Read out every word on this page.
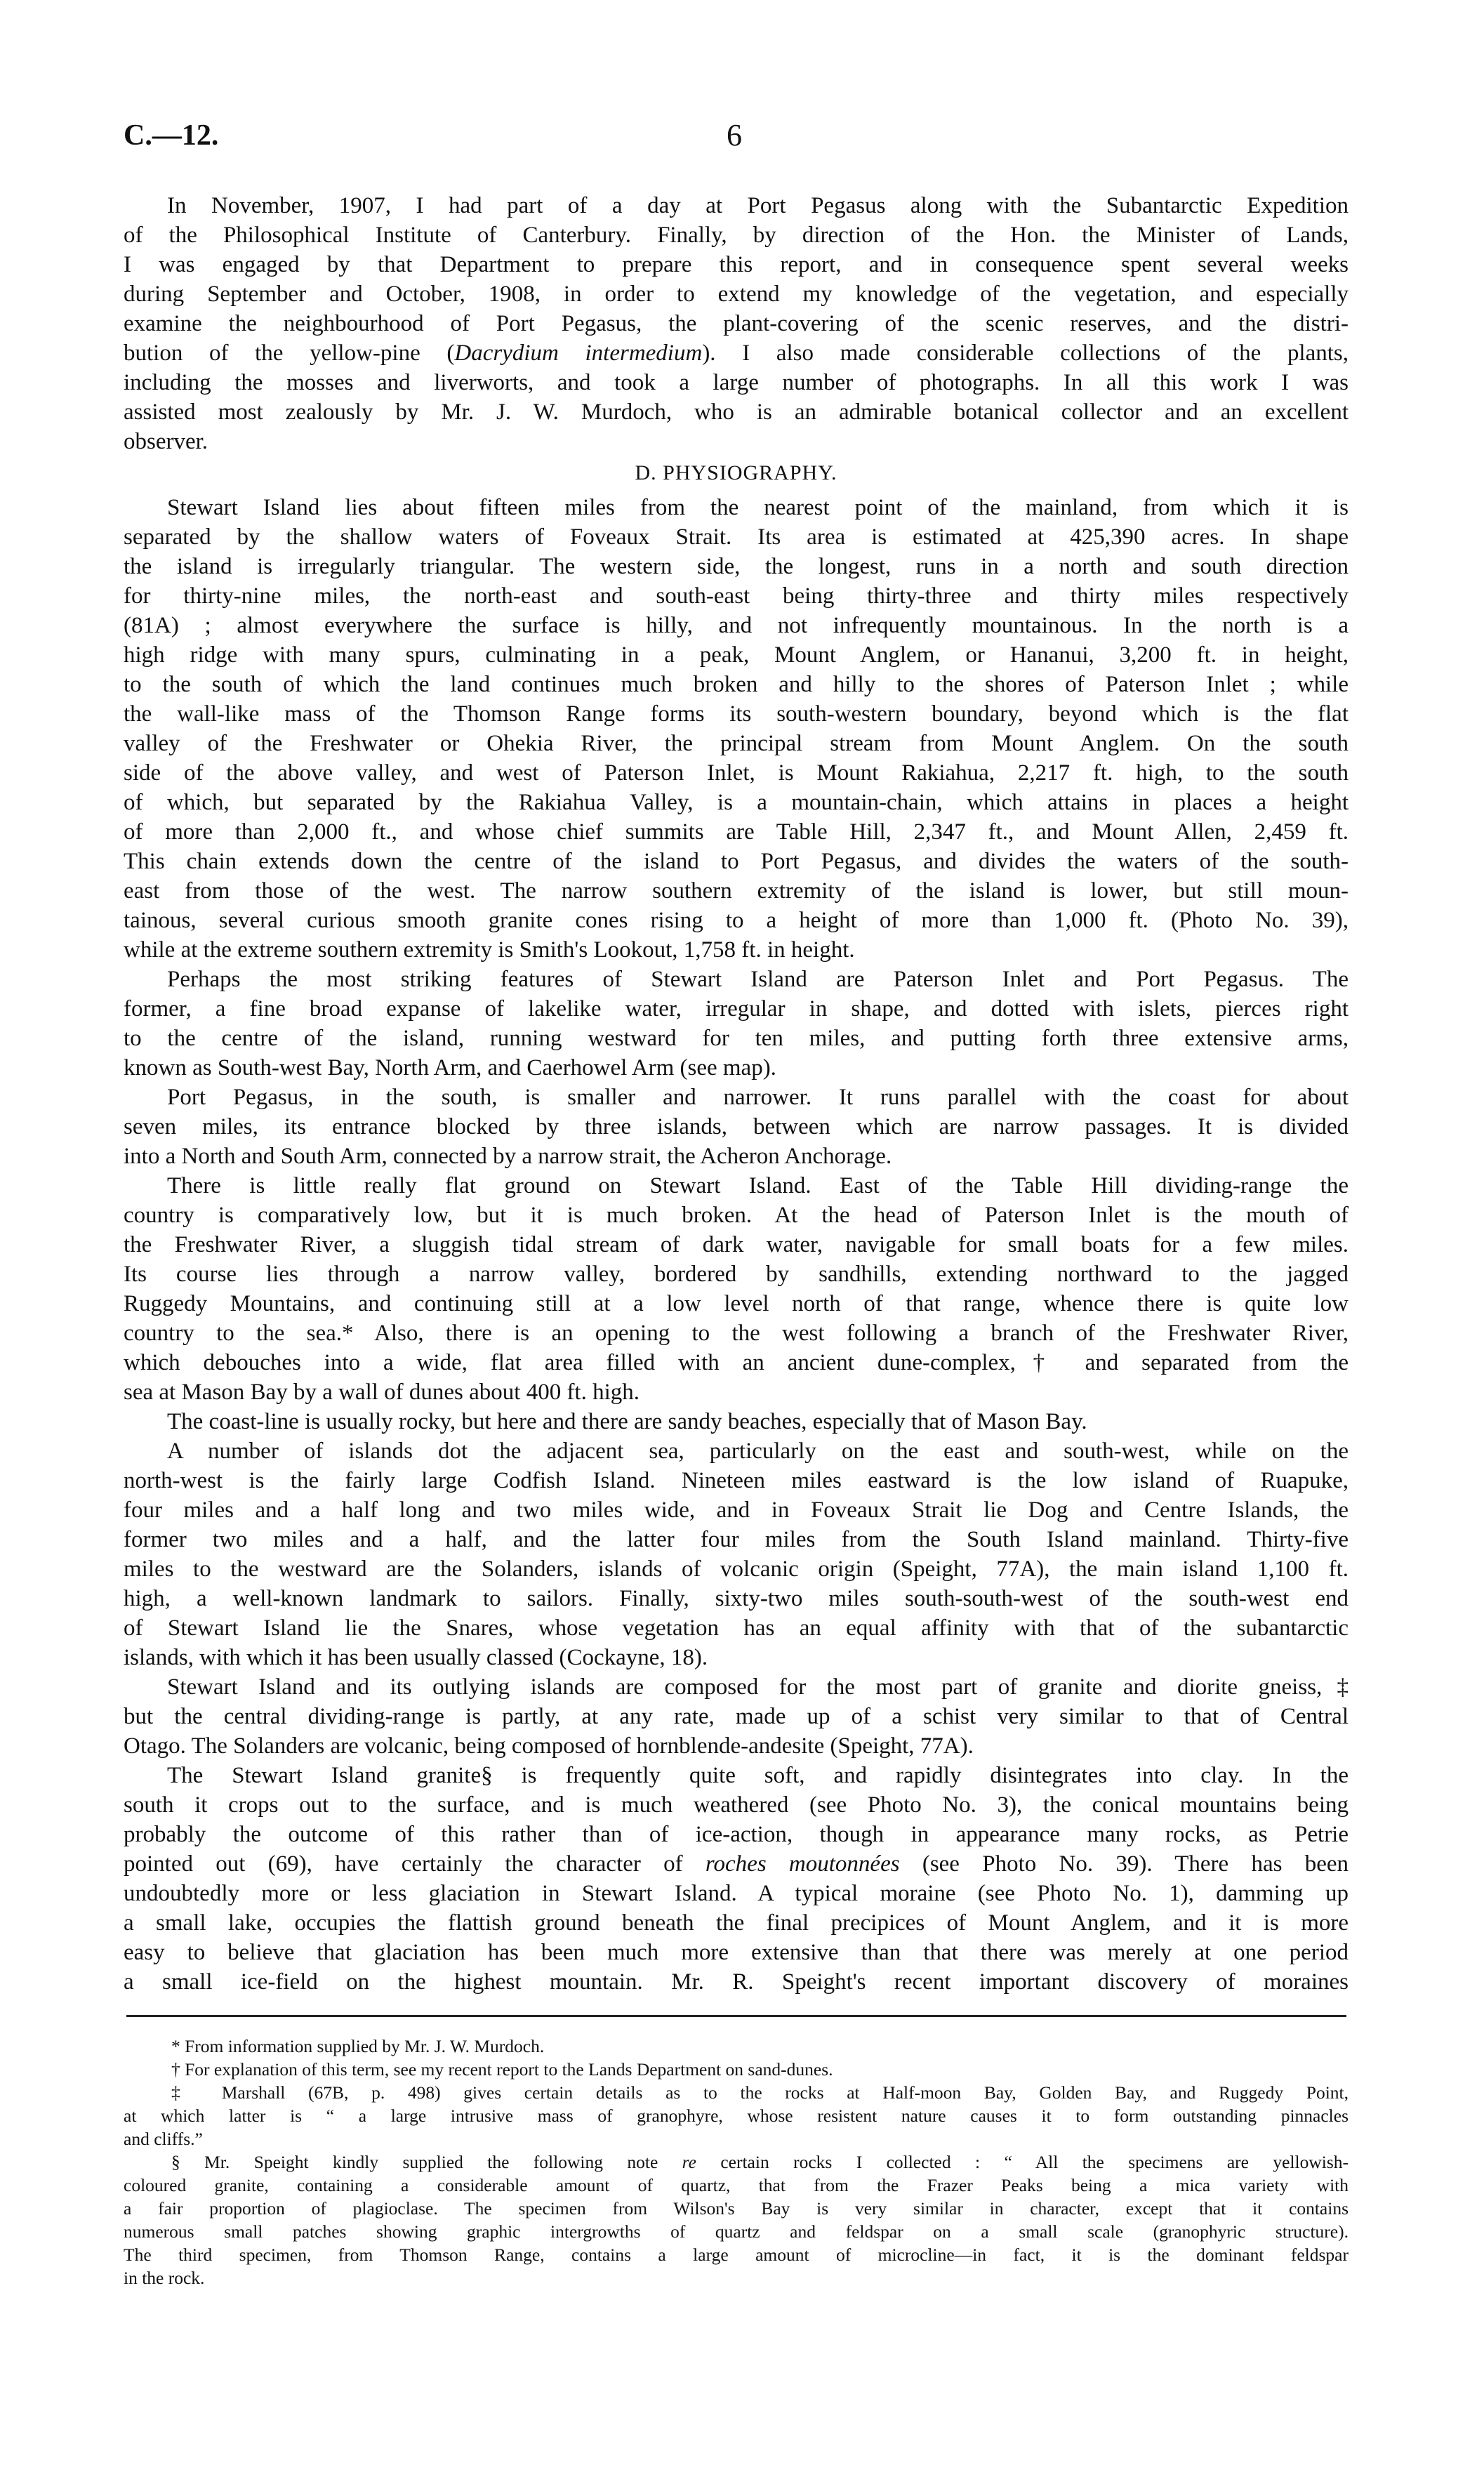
C.—12.	6
In November, 1907, I had part of a day at Port Pegasus along with the Subantarctic Expedition
of the Philosophical Institute of Canterbury. Finally, by direction of the Hon. the Minister of Lands,
I was engaged by that Department to prepare this report, and in consequence spent several weeks
during September and October, 1908, in order to extend my knowledge of the vegetation, and especially
examine the neighbourhood of Port Pegasus, the plant-covering of the scenic reserves, and the distri-
bution of the yellow-pine (Dacrydium intermedium). I also made considerable collections of the plants,
including the mosses and liverworts, and took a large number of photographs. In all this work I was
assisted most zealously by Mr. J. W. Murdoch, who is an admirable botanical collector and an excellent
observer.
D. PHYSIOGRAPHY.
Stewart Island lies about fifteen miles from the nearest point of the mainland, from which it is
separated by the shallow waters of Foveaux Strait. Its area is estimated at 425,390 acres. In shape
the island is irregularly triangular. The western side, the longest, runs in a north and south direction
for thirty-nine miles, the north-east and south-east being thirty-three and thirty miles respectively
(81A) ; almost everywhere the surface is hilly, and not infrequently mountainous. In the north is a
high ridge with many spurs, culminating in a peak, Mount Anglem, or Hananui, 3,200 ft. in height,
to the south of which the land continues much broken and hilly to the shores of Paterson Inlet ; while
the wall-like mass of the Thomson Range forms its south-western boundary, beyond which is the flat
valley of the Freshwater or Ohekia River, the principal stream from Mount Anglem. On the south
side of the above valley, and west of Paterson Inlet, is Mount Rakiahua, 2,217 ft. high, to the south
of which, but separated by the Rakiahua Valley, is a mountain-chain, which attains in places a height
of more than 2,000 ft., and whose chief summits are Table Hill, 2,347 ft., and Mount Allen, 2,459 ft.
This chain extends down the centre of the island to Port Pegasus, and divides the waters of the south-
east from those of the west. The narrow southern extremity of the island is lower, but still moun-
tainous, several curious smooth granite cones rising to a height of more than 1,000 ft. (Photo No. 39),
while at the extreme southern extremity is Smith's Lookout, 1,758 ft. in height.
Perhaps the most striking features of Stewart Island are Paterson Inlet and Port Pegasus. The
former, a fine broad expanse of lakelike water, irregular in shape, and dotted with islets, pierces right
to the centre of the island, running westward for ten miles, and putting forth three extensive arms,
known as South-west Bay, North Arm, and Caerhowel Arm (see map).
Port Pegasus, in the south, is smaller and narrower. It runs parallel with the coast for about
seven miles, its entrance blocked by three islands, between which are narrow passages. It is divided
into a North and South Arm, connected by a narrow strait, the Acheron Anchorage.
There is little really flat ground on Stewart Island. East of the Table Hill dividing-range the
country is comparatively low, but it is much broken. At the head of Paterson Inlet is the mouth of
the Freshwater River, a sluggish tidal stream of dark water, navigable for small boats for a few miles.
Its course lies through a narrow valley, bordered by sandhills, extending northward to the jagged
Ruggedy Mountains, and continuing still at a low level north of that range, whence there is quite low
country to the sea.* Also, there is an opening to the west following a branch of the Freshwater River,
which debouches into a wide, flat area filled with an ancient dune-complex,† and separated from the
sea at Mason Bay by a wall of dunes about 400 ft. high.
The coast-line is usually rocky, but here and there are sandy beaches, especially that of Mason Bay.
A number of islands dot the adjacent sea, particularly on the east and south-west, while on the
north-west is the fairly large Codfish Island. Nineteen miles eastward is the low island of Ruapuke,
four miles and a half long and two miles wide, and in Foveaux Strait lie Dog and Centre Islands, the
former two miles and a half, and the latter four miles from the South Island mainland. Thirty-five
miles to the westward are the Solanders, islands of volcanic origin (Speight, 77A), the main island 1,100 ft.
high, a well-known landmark to sailors. Finally, sixty-two miles south-south-west of the south-west end
of Stewart Island lie the Snares, whose vegetation has an equal affinity with that of the subantarctic
islands, with which it has been usually classed (Cockayne, 18).
Stewart Island and its outlying islands are composed for the most part of granite and diorite gneiss,‡
but the central dividing-range is partly, at any rate, made up of a schist very similar to that of Central
Otago. The Solanders are volcanic, being composed of hornblende-andesite (Speight, 77A).
The Stewart Island granite§ is frequently quite soft, and rapidly disintegrates into clay. In the
south it crops out to the surface, and is much weathered (see Photo No. 3), the conical mountains being
probably the outcome of this rather than of ice-action, though in appearance many rocks, as Petrie
pointed out (69), have certainly the character of roches moutonnées (see Photo No. 39). There has been
undoubtedly more or less glaciation in Stewart Island. A typical moraine (see Photo No. 1), damming up
a small lake, occupies the flattish ground beneath the final precipices of Mount Anglem, and it is more
easy to believe that glaciation has been much more extensive than that there was merely at one period
a small ice-field on the highest mountain. Mr. R. Speight's recent important discovery of moraines
* From information supplied by Mr. J. W. Murdoch.
† For explanation of this term, see my recent report to the Lands Department on sand-dunes.
‡ Marshall (67B, p. 498) gives certain details as to the rocks at Half-moon Bay, Golden Bay, and Ruggedy Point,
at which latter is “ a large intrusive mass of granophyre, whose resistent nature causes it to form outstanding pinnacles
and cliffs.”
§ Mr. Speight kindly supplied the following note re certain rocks I collected : “ All the specimens are yellowish-
coloured granite, containing a considerable amount of quartz, that from the Frazer Peaks being a mica variety with
a fair proportion of plagioclase. The specimen from Wilson's Bay is very similar in character, except that it contains
numerous small patches showing graphic intergrowths of quartz and feldspar on a small scale (granophyric structure).
The third specimen, from Thomson Range, contains a large amount of microcline—in fact, it is the dominant feldspar
in the rock.
